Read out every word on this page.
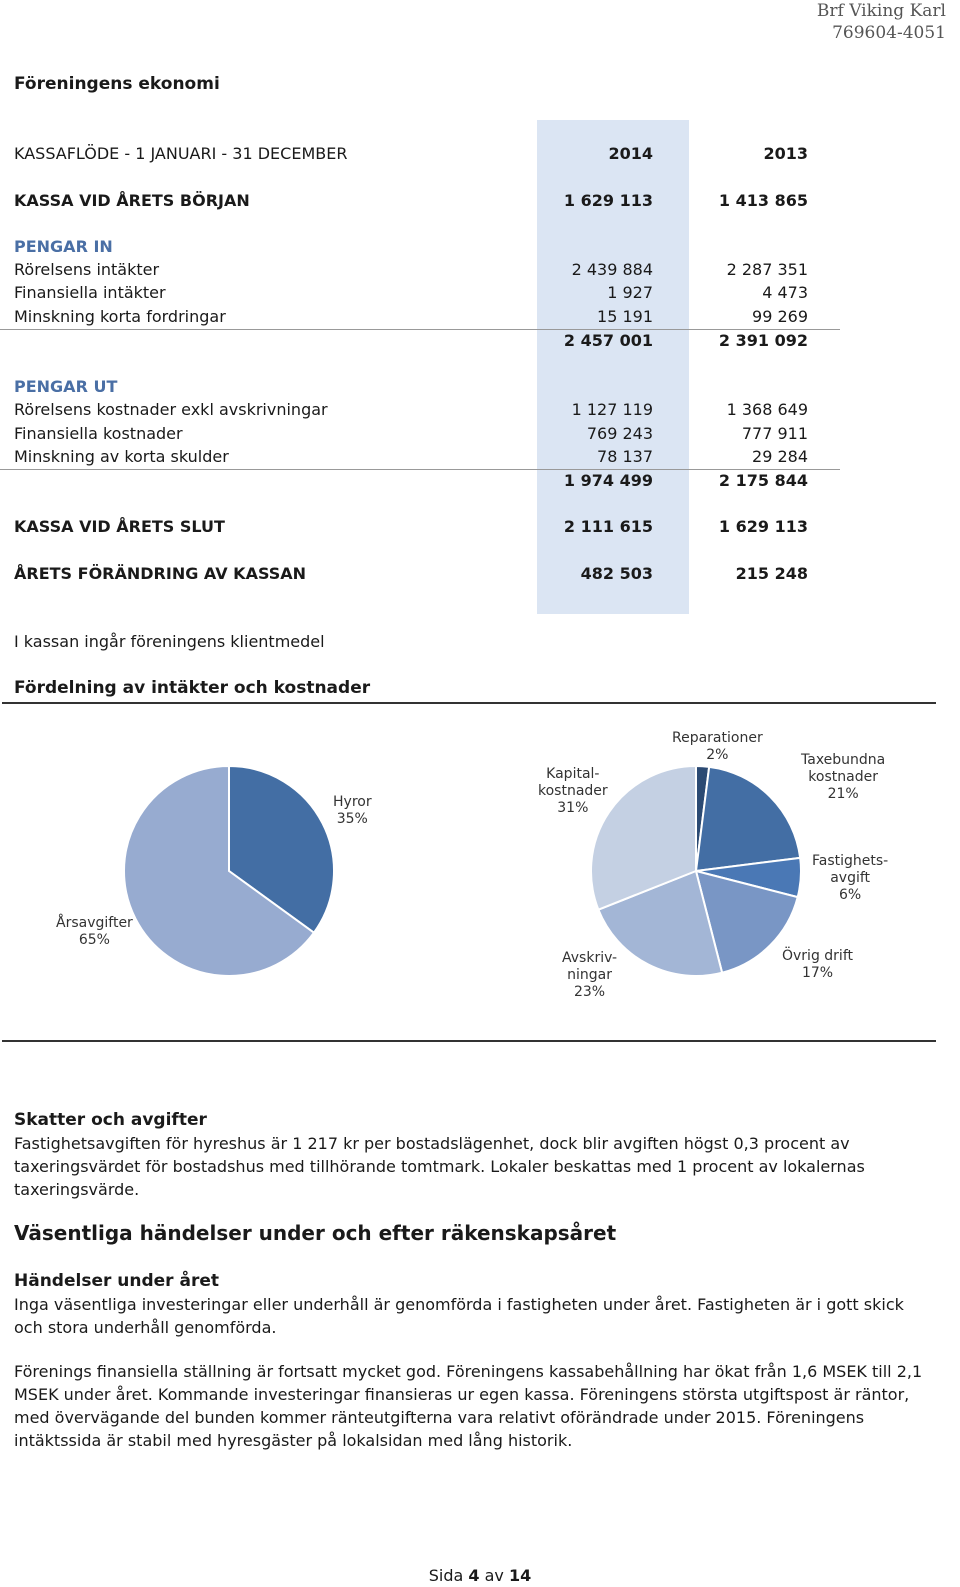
Brf Viking Karl
769604-4051
Föreningens ekonomi
KASSAFLÖDE - 1 JANUARI - 31 DECEMBER	2014	2013
KASSA VID ÅRETS BÖRJAN	1 629 113	1 413 865
PENGAR IN
Rörelsens intäkter	2 439 884	2 287 351
Finansiella intäkter	1 927	4 473
Minskning korta fordringar	15 191	99 269
2 457 001	2 391 092
PENGAR UT
Rörelsens kostnader exkl avskrivningar	1 127 119	1 368 649
Finansiella kostnader	769 243	777 911
Minskning av korta skulder	78 137	29 284
1 974 499	2 175 844
KASSA VID ÅRETS SLUT	2 111 615	1 629 113
ÅRETS FÖRÄNDRING AV KASSAN	482 503	215 248
I kassan ingår föreningens klientmedel
Fördelning av intäkter och kostnader
Hyror
35%
Årsavgifter
65%
Kapital-
kostnader
31%
Reparationer
2%	Taxebundna
kostnader
21%
Fastighets-
avgift
6%
Övrig drift
17%
Avskriv-
ningar
23%
Skatter och avgifter
Fastighetsavgiften för hyreshus är 1 217 kr per bostadslägenhet, dock blir avgiften högst 0,3 procent av taxeringsvärdet för bostadshus med tillhörande tomtmark. Lokaler beskattas med 1 procent av lokalernas taxeringsvärde.
Väsentliga händelser under och efter räkenskapsåret
Händelser under året
Inga väsentliga investeringar eller underhåll är genomförda i fastigheten under året. Fastigheten är i gott skick och stora underhåll genomförda.
Förenings finansiella ställning är fortsatt mycket god. Föreningens kassabehållning har ökat från 1,6 MSEK till 2,1 MSEK under året. Kommande investeringar finansieras ur egen kassa. Föreningens största utgiftspost är räntor, med övervägande del bunden kommer ränteutgifterna vara relativt oförändrade under 2015. Föreningens intäktssida är stabil med hyresgäster på lokalsidan med lång historik.
Sida 4 av 14
